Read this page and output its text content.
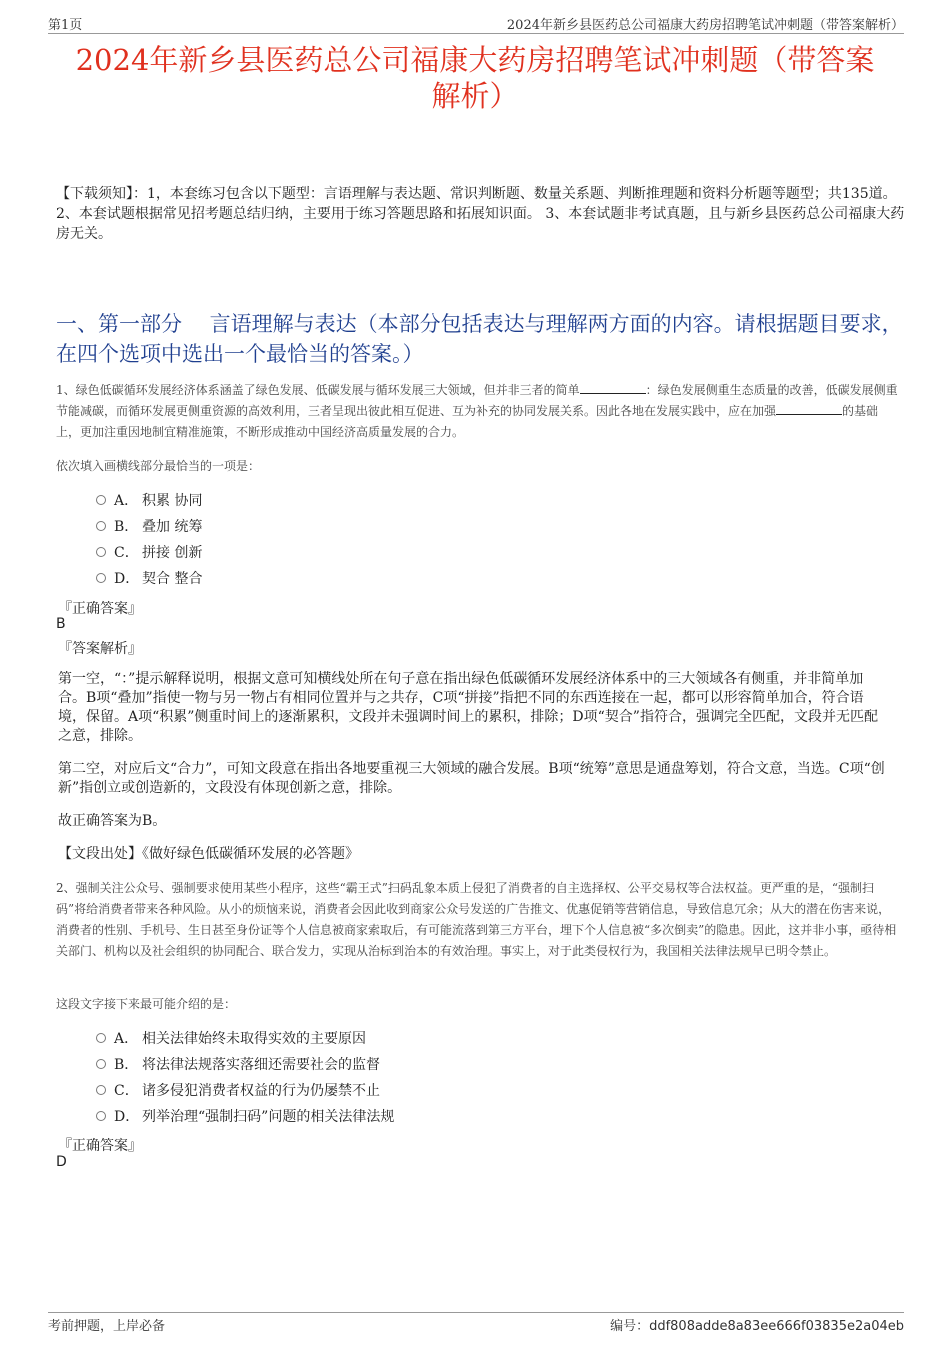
第1页	2024年新乡县医药总公司福康大药房招聘笔试冲刺题（带答案解析）
2024年新乡县医药总公司福康大药房招聘笔试冲刺题（带答案
解析）
【下载须知】：1，本套练习包含以下题型：言语理解与表达题、常识判断题、数量关系题、判断推理题和资料分析题等题型；共135道。 2、本套试题根据常见招考题总结归纳，主要用于练习答题思路和拓展知识面。 3、本套试题非考试真题，且与新乡县医药总公司福康大药房无关。
一、第一部分　 言语理解与表达（本部分包括表达与理解两方面的内容。请根据题目要求，在四个选项中选出一个最恰当的答案。）
1、绿色低碳循环发展经济体系涵盖了绿色发展、低碳发展与循环发展三大领域，但并非三者的简单	：绿色发展侧重生态质量的改善，低碳发展侧重节能减碳，而循环发展更侧重资源的高效利用，三者呈现出彼此相互促进、互为补充的协同发展关系。因此各地在发展实践中，应在加强	的基础上，更加注重因地制宜精准施策，不断形成推动中国经济高质量发展的合力。
依次填入画横线部分最恰当的一项是：
A． 积累 协同
B． 叠加 统筹
C． 拼接 创新
D． 契合 整合
『正确答案』
B
『答案解析』
第一空，“：”提示解释说明，根据文意可知横线处所在句子意在指出绿色低碳循环发展经济体系中的三大领域各有侧重，并非简单加合。B项“叠加”指使一物与另一物占有相同位置并与之共存，C项“拼接”指把不同的东西连接在一起，都可以形容简单加合，符合语境，保留。A项“积累”侧重时间上的逐渐累积，文段并未强调时间上的累积，排除；D项“契合”指符合，强调完全匹配，文段并无匹配之意，排除。
第二空，对应后文“合力”，可知文段意在指出各地要重视三大领域的融合发展。B项“统筹”意思是通盘筹划，符合文意，当选。C项“创新”指创立或创造新的，文段没有体现创新之意，排除。
故正确答案为B。
【文段出处】《做好绿色低碳循环发展的必答题》
2、强制关注公众号、强制要求使用某些小程序，这些“霸王式”扫码乱象本质上侵犯了消费者的自主选择权、公平交易权等合法权益。更严重的是，“强制扫码”将给消费者带来各种风险。从小的烦恼来说，消费者会因此收到商家公众号发送的广告推文、优惠促销等营销信息，导致信息冗余；从大的潜在伤害来说，消费者的性别、手机号、生日甚至身份证等个人信息被商家索取后，有可能流落到第三方平台，埋下个人信息被“多次倒卖”的隐患。因此，这并非小事，亟待相关部门、机构以及社会组织的协同配合、联合发力，实现从治标到治本的有效治理。事实上，对于此类侵权行为，我国相关法律法规早已明令禁止。
这段文字接下来最可能介绍的是：
A． 相关法律始终未取得实效的主要原因
B． 将法律法规落实落细还需要社会的监督
C． 诸多侵犯消费者权益的行为仍屡禁不止
D． 列举治理“强制扫码”问题的相关法律法规
『正确答案』
D
考前押题，上岸必备	编号：ddf808adde8a83ee666f03835e2a04eb
